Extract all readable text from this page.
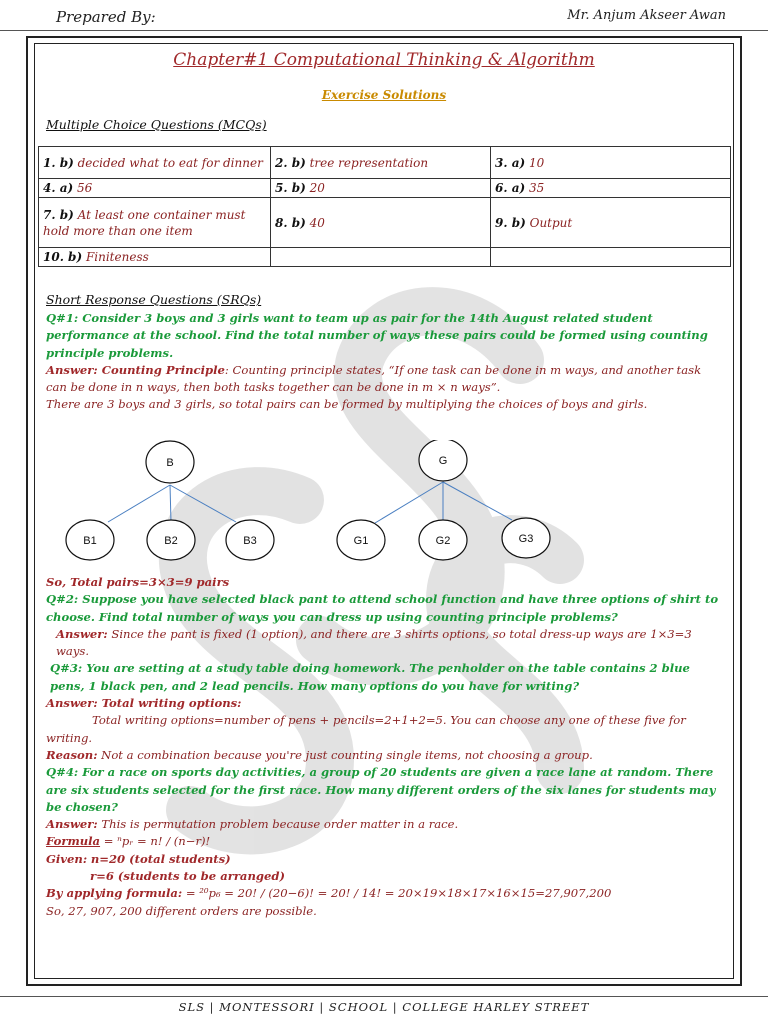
Prepared By:	Mr. Anjum Akseer Awan
Chapter#1 Computational Thinking & Algorithm
Exercise Solutions
Multiple Choice Questions (MCQs)
1. b) decided what to eat for dinner	2. b) tree representation	3. a) 10
4. a) 56	5. b) 20	6. a) 35
7. b) At least one container must hold more than one item	8. b) 40	9. b) Output
10. b) Finiteness		
Short Response Questions (SRQs)

Q#1: Consider 3 boys and 3 girls want to team up as pair for the 14th August related student performance at the school. Find the total number of ways these pairs could be formed using counting principle problems.

Answer: Counting Principle: Counting principle states, “If one task can be done in m ways, and another task can be done in n ways, then both tasks together can be done in m × n ways”.

There are 3 boys and 3 girls, so total pairs can be formed by multiplying the choices of boys and girls.

B
B1	B2	B3
G
G1	G2	G3

So, Total pairs=3×3=9 pairs

Q#2: Suppose you have selected black pant to attend school function and have three options of shirt to choose. Find total number of ways you can dress up using counting principle problems?

Answer: Since the pant is fixed (1 option), and there are 3 shirts options, so total dress-up ways are 1×3=3 ways.

Q#3: You are setting at a study table doing homework. The penholder on the table contains 2 blue pens, 1 black pen, and 2 lead pencils. How many options do you have for writing?

Answer: Total writing options:

Total writing options=number of pens + pencils=2+1+2=5. You can choose any one of these five for writing.

Reason: Not a combination because you're just counting single items, not choosing a group.

Q#4: For a race on sports day activities, a group of 20 students are given a race lane at random. There are six students selected for the first race. How many different orders of the six lanes for students may be chosen?

Answer: This is permutation problem because order matter in a race.

Formula = ⁿpᵣ = n! / (n−r)!

Given: n=20 (total students)

r=6 (students to be arranged)

By applying formula: = ²⁰p₆ = 20! / (20−6)! = 20! / 14! = 20×19×18×17×16×15=27,907,200

So, 27, 907, 200 different orders are possible.

SLS | MONTESSORI | SCHOOL | COLLEGE HARLEY STREET
